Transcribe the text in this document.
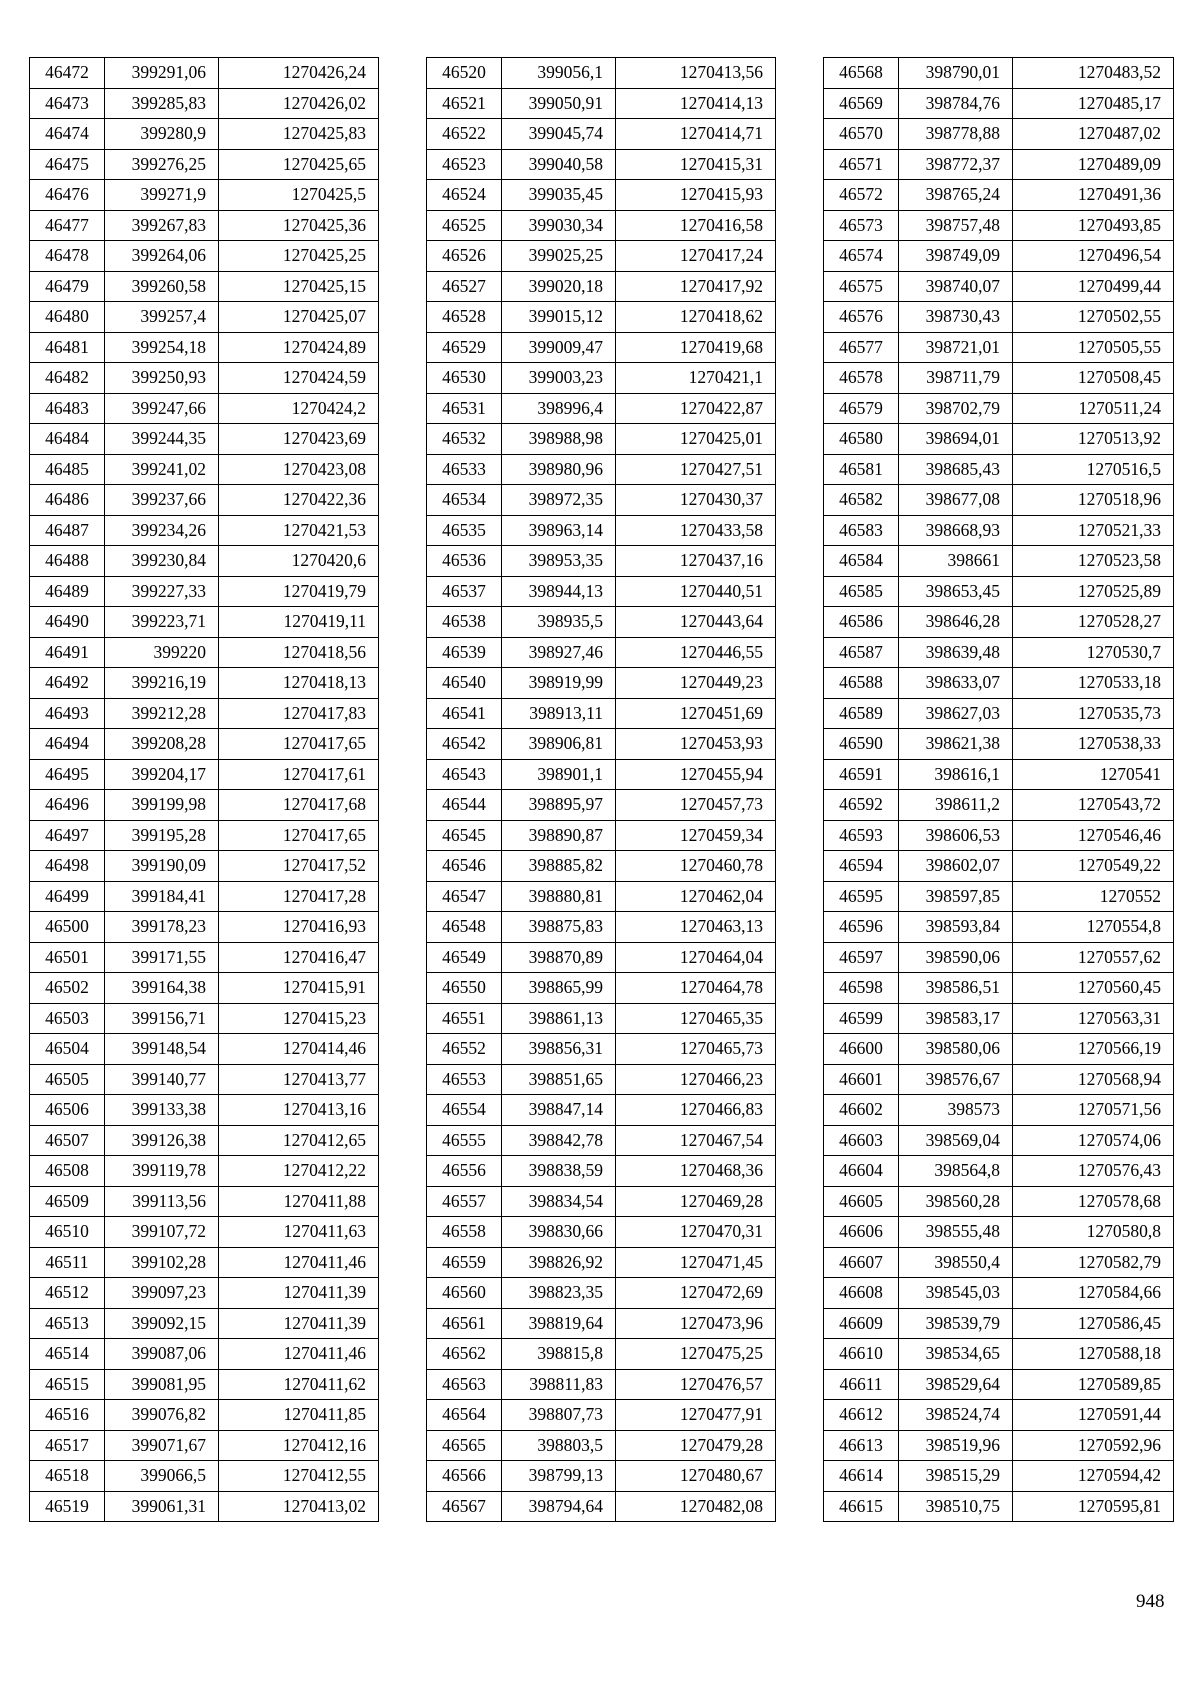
46472	399291,06	1270426,24
46473	399285,83	1270426,02
46474	399280,9	1270425,83
46475	399276,25	1270425,65
46476	399271,9	1270425,5
46477	399267,83	1270425,36
46478	399264,06	1270425,25
46479	399260,58	1270425,15
46480	399257,4	1270425,07
46481	399254,18	1270424,89
46482	399250,93	1270424,59
46483	399247,66	1270424,2
46484	399244,35	1270423,69
46485	399241,02	1270423,08
46486	399237,66	1270422,36
46487	399234,26	1270421,53
46488	399230,84	1270420,6
46489	399227,33	1270419,79
46490	399223,71	1270419,11
46491	399220	1270418,56
46492	399216,19	1270418,13
46493	399212,28	1270417,83
46494	399208,28	1270417,65
46495	399204,17	1270417,61
46496	399199,98	1270417,68
46497	399195,28	1270417,65
46498	399190,09	1270417,52
46499	399184,41	1270417,28
46500	399178,23	1270416,93
46501	399171,55	1270416,47
46502	399164,38	1270415,91
46503	399156,71	1270415,23
46504	399148,54	1270414,46
46505	399140,77	1270413,77
46506	399133,38	1270413,16
46507	399126,38	1270412,65
46508	399119,78	1270412,22
46509	399113,56	1270411,88
46510	399107,72	1270411,63
46511	399102,28	1270411,46
46512	399097,23	1270411,39
46513	399092,15	1270411,39
46514	399087,06	1270411,46
46515	399081,95	1270411,62
46516	399076,82	1270411,85
46517	399071,67	1270412,16
46518	399066,5	1270412,55
46519	399061,31	1270413,02
46520	399056,1	1270413,56
46521	399050,91	1270414,13
46522	399045,74	1270414,71
46523	399040,58	1270415,31
46524	399035,45	1270415,93
46525	399030,34	1270416,58
46526	399025,25	1270417,24
46527	399020,18	1270417,92
46528	399015,12	1270418,62
46529	399009,47	1270419,68
46530	399003,23	1270421,1
46531	398996,4	1270422,87
46532	398988,98	1270425,01
46533	398980,96	1270427,51
46534	398972,35	1270430,37
46535	398963,14	1270433,58
46536	398953,35	1270437,16
46537	398944,13	1270440,51
46538	398935,5	1270443,64
46539	398927,46	1270446,55
46540	398919,99	1270449,23
46541	398913,11	1270451,69
46542	398906,81	1270453,93
46543	398901,1	1270455,94
46544	398895,97	1270457,73
46545	398890,87	1270459,34
46546	398885,82	1270460,78
46547	398880,81	1270462,04
46548	398875,83	1270463,13
46549	398870,89	1270464,04
46550	398865,99	1270464,78
46551	398861,13	1270465,35
46552	398856,31	1270465,73
46553	398851,65	1270466,23
46554	398847,14	1270466,83
46555	398842,78	1270467,54
46556	398838,59	1270468,36
46557	398834,54	1270469,28
46558	398830,66	1270470,31
46559	398826,92	1270471,45
46560	398823,35	1270472,69
46561	398819,64	1270473,96
46562	398815,8	1270475,25
46563	398811,83	1270476,57
46564	398807,73	1270477,91
46565	398803,5	1270479,28
46566	398799,13	1270480,67
46567	398794,64	1270482,08
46568	398790,01	1270483,52
46569	398784,76	1270485,17
46570	398778,88	1270487,02
46571	398772,37	1270489,09
46572	398765,24	1270491,36
46573	398757,48	1270493,85
46574	398749,09	1270496,54
46575	398740,07	1270499,44
46576	398730,43	1270502,55
46577	398721,01	1270505,55
46578	398711,79	1270508,45
46579	398702,79	1270511,24
46580	398694,01	1270513,92
46581	398685,43	1270516,5
46582	398677,08	1270518,96
46583	398668,93	1270521,33
46584	398661	1270523,58
46585	398653,45	1270525,89
46586	398646,28	1270528,27
46587	398639,48	1270530,7
46588	398633,07	1270533,18
46589	398627,03	1270535,73
46590	398621,38	1270538,33
46591	398616,1	1270541
46592	398611,2	1270543,72
46593	398606,53	1270546,46
46594	398602,07	1270549,22
46595	398597,85	1270552
46596	398593,84	1270554,8
46597	398590,06	1270557,62
46598	398586,51	1270560,45
46599	398583,17	1270563,31
46600	398580,06	1270566,19
46601	398576,67	1270568,94
46602	398573	1270571,56
46603	398569,04	1270574,06
46604	398564,8	1270576,43
46605	398560,28	1270578,68
46606	398555,48	1270580,8
46607	398550,4	1270582,79
46608	398545,03	1270584,66
46609	398539,79	1270586,45
46610	398534,65	1270588,18
46611	398529,64	1270589,85
46612	398524,74	1270591,44
46613	398519,96	1270592,96
46614	398515,29	1270594,42
46615	398510,75	1270595,81
948
